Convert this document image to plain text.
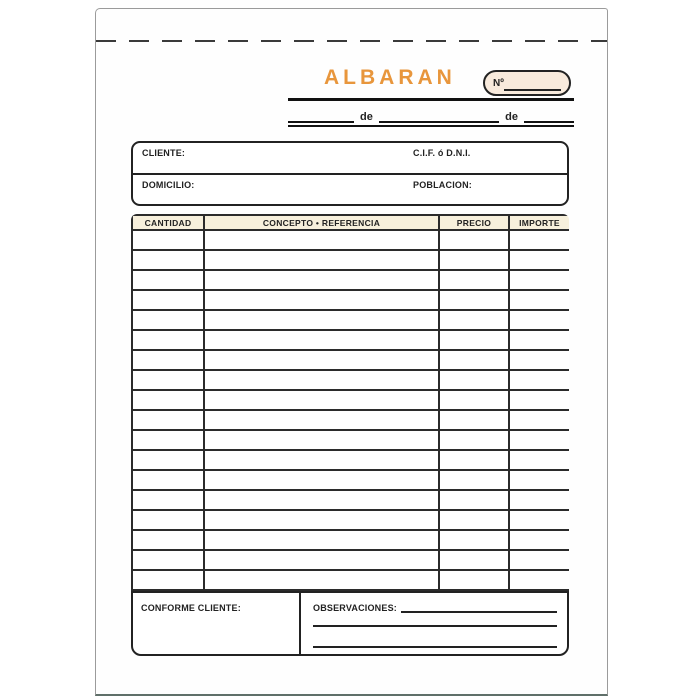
ALBARAN	Nº
de	de
CLIENTE:	C.I.F. ó D.N.I.
DOMICILIO:	POBLACION:
CANTIDAD	CONCEPTO • REFERENCIA	PRECIO	IMPORTE

CONFORME CLIENTE:	OBSERVACIONES:
